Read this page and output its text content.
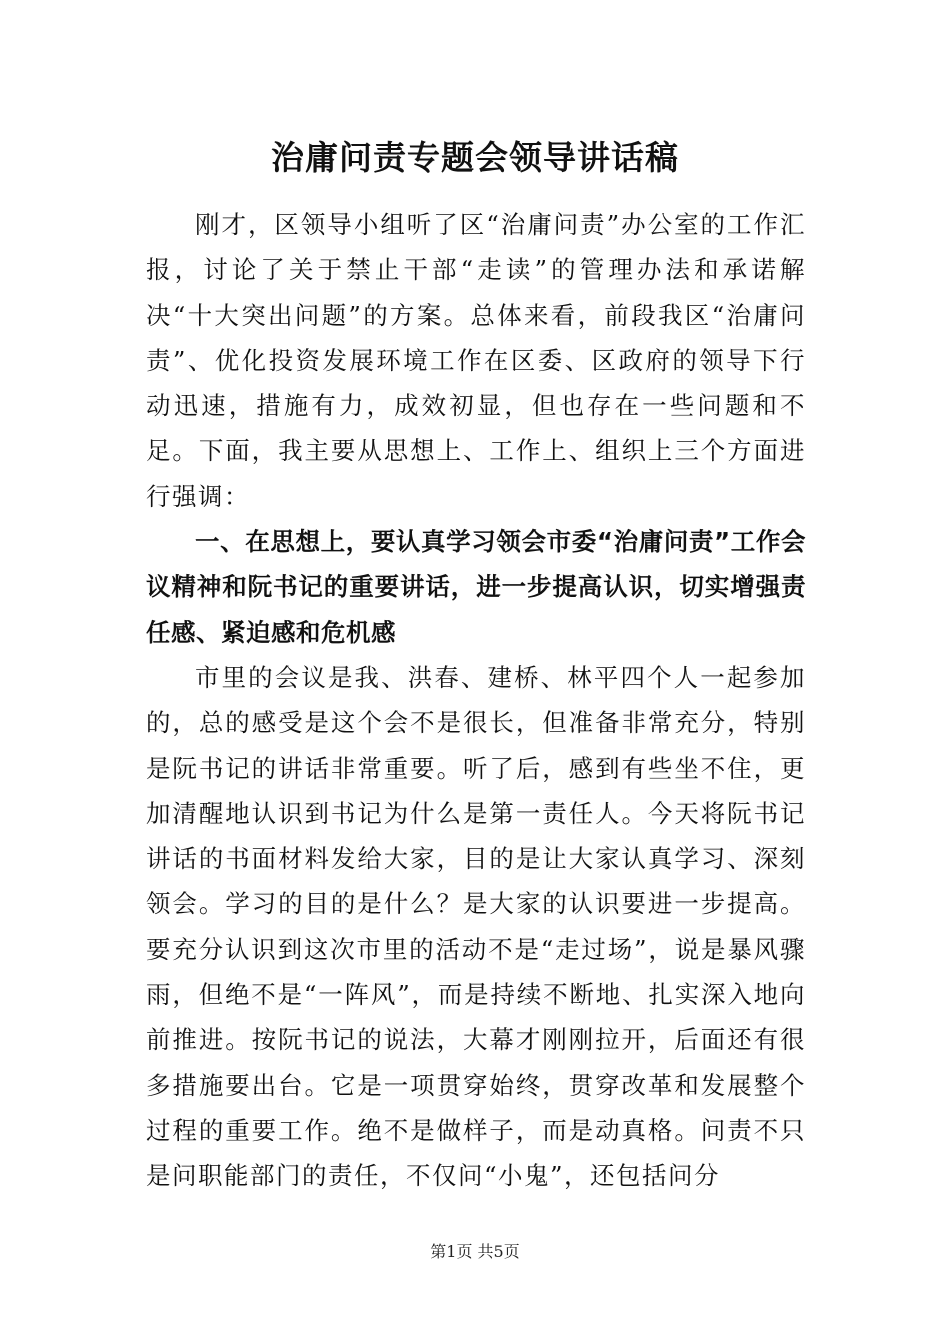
治庸问责专题会领导讲话稿

刚才，区领导小组听了区“治庸问责”办公室的工作汇报，讨论了关于禁止干部“走读”的管理办法和承诺解决“十大突出问题”的方案。总体来看，前段我区“治庸问责”、优化投资发展环境工作在区委、区政府的领导下行动迅速，措施有力，成效初显，但也存在一些问题和不足。下面，我主要从思想上、工作上、组织上三个方面进行强调：

一、在思想上，要认真学习领会市委“治庸问责”工作会议精神和阮书记的重要讲话，进一步提高认识，切实增强责任感、紧迫感和危机感

市里的会议是我、洪春、建桥、林平四个人一起参加的，总的感受是这个会不是很长，但准备非常充分，特别是阮书记的讲话非常重要。听了后，感到有些坐不住，更加清醒地认识到书记为什么是第一责任人。今天将阮书记讲话的书面材料发给大家，目的是让大家认真学习、深刻领会。学习的目的是什么？是大家的认识要进一步提高。要充分认识到这次市里的活动不是“走过场”，说是暴风骤雨，但绝不是“一阵风”，而是持续不断地、扎实深入地向前推进。按阮书记的说法，大幕才刚刚拉开，后面还有很多措施要出台。它是一项贯穿始终，贯穿改革和发展整个过程的重要工作。绝不是做样子，而是动真格。问责不只是问职能部门的责任，不仅问“小鬼”，还包括问分

第1页 共5页
